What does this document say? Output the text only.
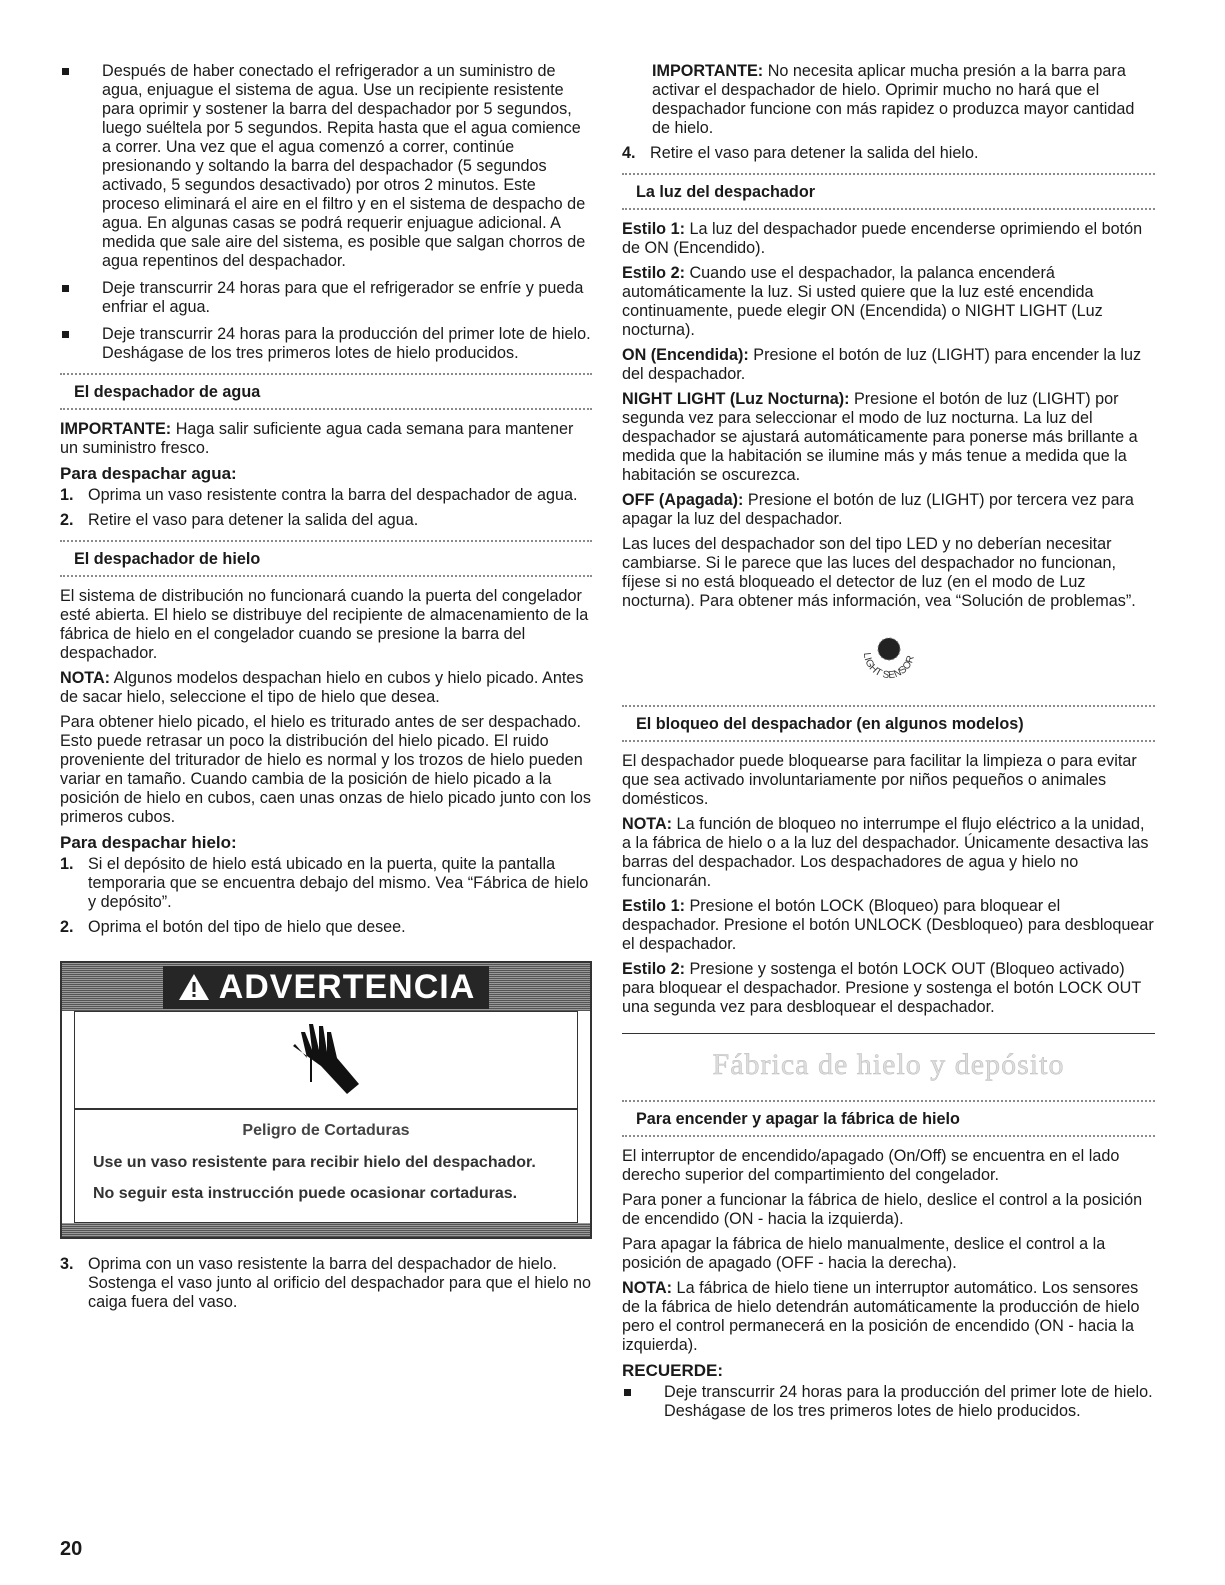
Después de haber conectado el refrigerador a un suministro de agua, enjuague el sistema de agua. Use un recipiente resistente para oprimir y sostener la barra del despachador por 5 segundos, luego suéltela por 5 segundos. Repita hasta que el agua comience a correr. Una vez que el agua comenzó a correr, continúe presionando y soltando la barra del despachador (5 segundos activado, 5 segundos desactivado) por otros 2 minutos. Este proceso eliminará el aire en el filtro y en el sistema de despacho de agua. En algunas casas se podrá requerir enjuague adicional. A medida que sale aire del sistema, es posible que salgan chorros de agua repentinos del despachador.
Deje transcurrir 24 horas para que el refrigerador se enfríe y pueda enfriar el agua.
Deje transcurrir 24 horas para la producción del primer lote de hielo. Deshágase de los tres primeros lotes de hielo producidos.
El despachador de agua

IMPORTANTE: Haga salir suficiente agua cada semana para mantener un suministro fresco.

Para despachar agua:
1. Oprima un vaso resistente contra la barra del despachador de agua.
2. Retire el vaso para detener la salida del agua.
El despachador de hielo

El sistema de distribución no funcionará cuando la puerta del congelador esté abierta. El hielo se distribuye del recipiente de almacenamiento de la fábrica de hielo en el congelador cuando se presione la barra del despachador.

NOTA: Algunos modelos despachan hielo en cubos y hielo picado. Antes de sacar hielo, seleccione el tipo de hielo que desea.

Para obtener hielo picado, el hielo es triturado antes de ser despachado. Esto puede retrasar un poco la distribución del hielo picado. El ruido proveniente del triturador de hielo es normal y los trozos de hielo pueden variar en tamaño. Cuando cambia de la posición de hielo picado a la posición de hielo en cubos, caen unas onzas de hielo picado junto con los primeros cubos.

Para despachar hielo:
1. Si el depósito de hielo está ubicado en la puerta, quite la pantalla temporaria que se encuentra debajo del mismo. Vea “Fábrica de hielo y depósito”.
2. Oprima el botón del tipo de hielo que desee.
ADVERTENCIA
Peligro de Cortaduras

Use un vaso resistente para recibir hielo del despachador.

No seguir esta instrucción puede ocasionar cortaduras.

3. Oprima con un vaso resistente la barra del despachador de hielo. Sostenga el vaso junto al orificio del despachador para que el hielo no caiga fuera del vaso.

IMPORTANTE: No necesita aplicar mucha presión a la barra para activar el despachador de hielo. Oprimir mucho no hará que el despachador funcione con más rapidez o produzca mayor cantidad de hielo.

4. Retire el vaso para detener la salida del hielo.
La luz del despachador

Estilo 1: La luz del despachador puede encenderse oprimiendo el botón de ON (Encendido).

Estilo 2: Cuando use el despachador, la palanca encenderá automáticamente la luz. Si usted quiere que la luz esté encendida continuamente, puede elegir ON (Encendida) o NIGHT LIGHT (Luz nocturna).

ON (Encendida): Presione el botón de luz (LIGHT) para encender la luz del despachador.

NIGHT LIGHT (Luz Nocturna): Presione el botón de luz (LIGHT) por segunda vez para seleccionar el modo de luz nocturna. La luz del despachador se ajustará automáticamente para ponerse más brillante a medida que la habitación se ilumine más y más tenue a medida que la habitación se oscurezca.

OFF (Apagada): Presione el botón de luz (LIGHT) por tercera vez para apagar la luz del despachador.

Las luces del despachador son del tipo LED y no deberían necesitar cambiarse. Si le parece que las luces del despachador no funcionan, fíjese si no está bloqueado el detector de luz (en el modo de Luz nocturna). Para obtener más información, vea “Solución de problemas”.

LIGHT SENSOR
El bloqueo del despachador (en algunos modelos)

El despachador puede bloquearse para facilitar la limpieza o para evitar que sea activado involuntariamente por niños pequeños o animales domésticos.

NOTA: La función de bloqueo no interrumpe el flujo eléctrico a la unidad, a la fábrica de hielo o a la luz del despachador. Únicamente desactiva las barras del despachador. Los despachadores de agua y hielo no funcionarán.

Estilo 1: Presione el botón LOCK (Bloqueo) para bloquear el despachador. Presione el botón UNLOCK (Desbloqueo) para desbloquear el despachador.

Estilo 2: Presione y sostenga el botón LOCK OUT (Bloqueo activado) para bloquear el despachador. Presione y sostenga el botón LOCK OUT una segunda vez para desbloquear el despachador.

Fábrica de hielo y depósito
Para encender y apagar la fábrica de hielo

El interruptor de encendido/apagado (On/Off) se encuentra en el lado derecho superior del compartimiento del congelador.

Para poner a funcionar la fábrica de hielo, deslice el control a la posición de encendido (ON - hacia la izquierda).

Para apagar la fábrica de hielo manualmente, deslice el control a la posición de apagado (OFF - hacia la derecha).

NOTA: La fábrica de hielo tiene un interruptor automático. Los sensores de la fábrica de hielo detendrán automáticamente la producción de hielo pero el control permanecerá en la posición de encendido (ON - hacia la izquierda).

RECUERDE:
Deje transcurrir 24 horas para la producción del primer lote de hielo. Deshágase de los tres primeros lotes de hielo producidos.
20
